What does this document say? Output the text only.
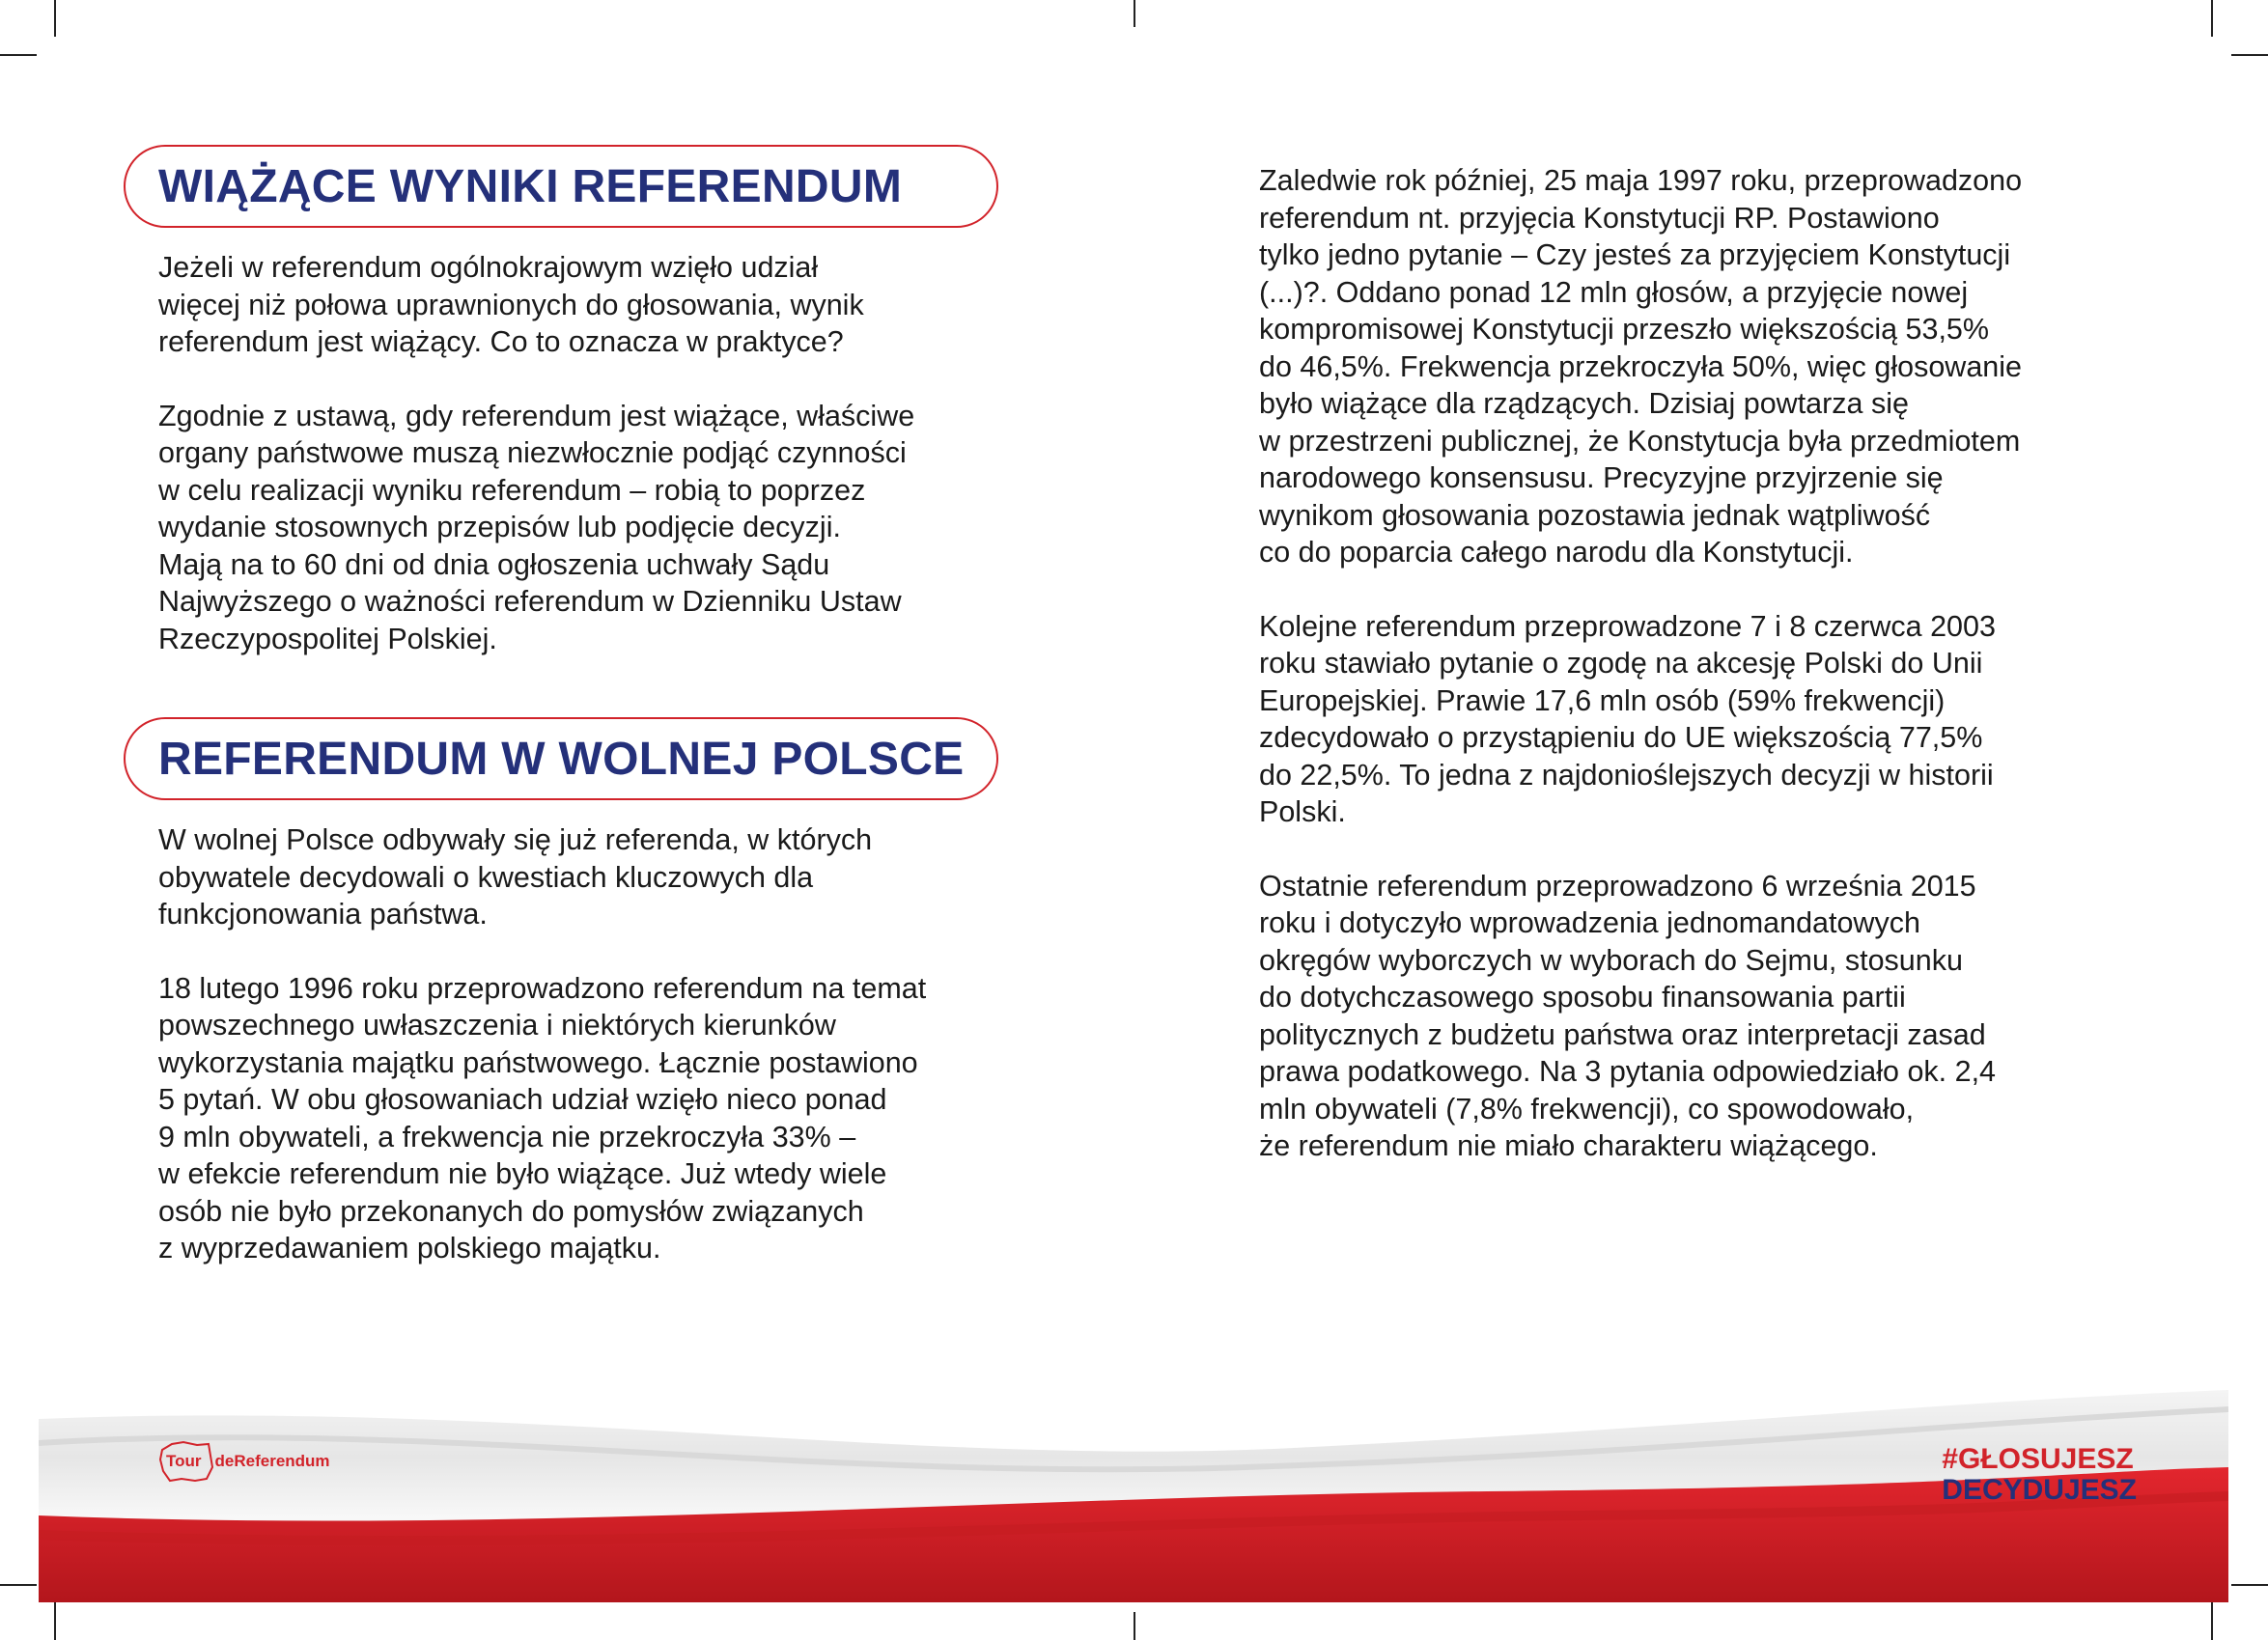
WIĄŻĄCE WYNIKI REFERENDUM

Jeżeli w referendum ogólnokrajowym wzięło udział
więcej niż połowa uprawnionych do głosowania, wynik
referendum jest wiążący. Co to oznacza w praktyce?

Zgodnie z ustawą, gdy referendum jest wiążące, właściwe
organy państwowe muszą niezwłocznie podjąć czynności
w celu realizacji wyniku referendum – robią to poprzez
wydanie stosownych przepisów lub podjęcie decyzji.
Mają na to 60 dni od dnia ogłoszenia uchwały Sądu
Najwyższego o ważności referendum w Dzienniku Ustaw
Rzeczypospolitej Polskiej.

REFERENDUM W WOLNEJ POLSCE

W wolnej Polsce odbywały się już referenda, w których
obywatele decydowali o kwestiach kluczowych dla
funkcjonowania państwa.

18 lutego 1996 roku przeprowadzono referendum na temat
powszechnego uwłaszczenia i niektórych kierunków
wykorzystania majątku państwowego. Łącznie postawiono
5 pytań. W obu głosowaniach udział wzięło nieco ponad
9 mln obywateli, a frekwencja nie przekroczyła 33% –
w efekcie referendum nie było wiążące. Już wtedy wiele
osób nie było przekonanych do pomysłów związanych
z wyprzedawaniem polskiego majątku.

Zaledwie rok później, 25 maja 1997 roku, przeprowadzono
referendum nt. przyjęcia Konstytucji RP. Postawiono
tylko jedno pytanie – Czy jesteś za przyjęciem Konstytucji
(...)?. Oddano ponad 12 mln głosów, a przyjęcie nowej
kompromisowej Konstytucji przeszło większością 53,5%
do 46,5%. Frekwencja przekroczyła 50%, więc głosowanie
było wiążące dla rządzących. Dzisiaj powtarza się
w przestrzeni publicznej, że Konstytucja była przedmiotem
narodowego konsensusu. Precyzyjne przyjrzenie się
wynikom głosowania pozostawia jednak wątpliwość
co do poparcia całego narodu dla Konstytucji.

Kolejne referendum przeprowadzone 7 i 8 czerwca 2003
roku stawiało pytanie o zgodę na akcesję Polski do Unii
Europejskiej. Prawie 17,6 mln osób (59% frekwencji)
zdecydowało o przystąpieniu do UE większością 77,5%
do 22,5%. To jedna z najdonioślejszych decyzji w historii
Polski.

Ostatnie referendum przeprowadzono 6 września 2015
roku i dotyczyło wprowadzenia jednomandatowych
okręgów wyborczych w wyborach do Sejmu, stosunku
do dotychczasowego sposobu finansowania partii
politycznych z budżetu państwa oraz interpretacji zasad
prawa podatkowego. Na 3 pytania odpowiedziało ok. 2,4
mln obywateli (7,8% frekwencji), co spowodowało,
że referendum nie miało charakteru wiążącego.

Tour deReferendum	#GŁOSUJESZ
DECYDUJESZ
